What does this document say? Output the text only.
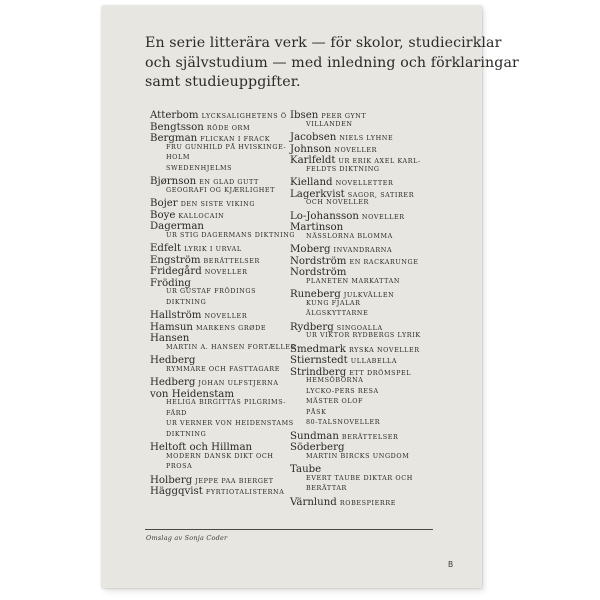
En serie litterära verk — för skolor, studiecirklar
och självstudium — med inledning och förklaringar
samt studieuppgifter.
Atterbom LYCKSALIGHETENS Ö
Bengtsson RÖDE ORM
Bergman FLICKAN I FRACK
FRU GUNHILD PÅ HVISKINGE-
HOLM
SWEDENHJELMS
Bjørnson EN GLAD GUTT
GEOGRAFI OG KJÆRLIGHET
Bojer DEN SISTE VIKING
Boye KALLOCAIN
Dagerman
UR STIG DAGERMANS DIKTNING
Edfelt LYRIK I URVAL
Engström BERÄTTELSER
Fridegård NOVELLER
Fröding
UR GUSTAF FRÖDINGS
DIKTNING
Hallström NOVELLER
Hamsun MARKENS GRØDE
Hansen
MARTIN A. HANSEN FORTÆLLER
Hedberg
RYMMARE OCH FASTTAGARE
Hedberg JOHAN ULFSTJERNA
von Heidenstam
HELIGA BIRGITTAS PILGRIMS-
FÄRD
UR VERNER VON HEIDENSTAMS
DIKTNING
Heltoft och Hillman
MODERN DANSK DIKT OCH
PROSA
Holberg JEPPE PAA BIERGET
Häggqvist FYRTIOTALISTERNA
Ibsen PEER GYNT
VILLANDEN
Jacobsen NIELS LYHNE
Johnson NOVELLER
Karlfeldt UR ERIK AXEL KARL-
FELDTS DIKTNING
Kielland NOVELLETTER
Lagerkvist SAGOR, SATIRER
OCH NOVELLER
Lo-Johansson NOVELLER
Martinson
NÄSSLORNA BLOMMA
Moberg INVANDRARNA
Nordström EN RACKARUNGE
Nordström
PLANETEN MARKATTAN
Runeberg JULKVÄLLEN
KUNG FJALAR
ÄLGSKYTTARNE
Rydberg SINGOALLA
UR VIKTOR RYDBERGS LYRIK
Smedmark RYSKA NOVELLER
Stiernstedt ULLABELLA
Strindberg ETT DRÖMSPEL
HEMSÖBORNA
LYCKO-PERS RESA
MÄSTER OLOF
PÅSK
80-TALSNOVELLER
Sundman BERÄTTELSER
Söderberg
MARTIN BIRCKS UNGDOM
Taube
EVERT TAUBE DIKTAR OCH
BERÄTTAR
Värnlund ROBESPIERRE
Omslag av Sonja Coder
B
